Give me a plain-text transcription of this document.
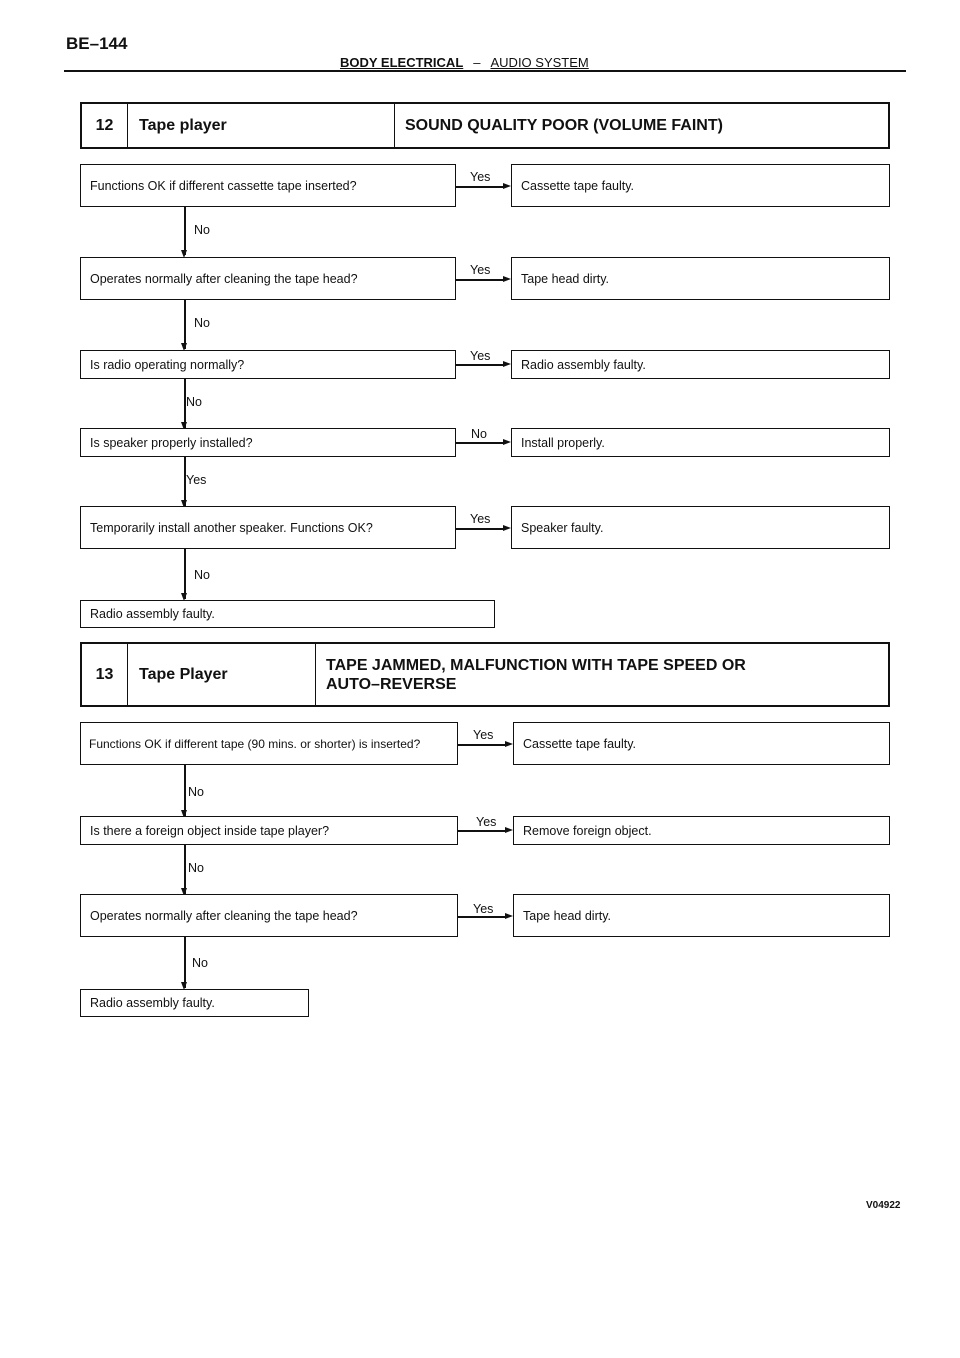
BE–144
BODY ELECTRICAL – AUDIO SYSTEM
12	Tape player	SOUND QUALITY POOR (VOLUME FAINT)
Functions OK if different cassette tape inserted?
Yes
Cassette tape faulty.
No
Operates normally after cleaning the tape head?
Yes
Tape head dirty.
No
Is radio operating normally?
Yes
Radio assembly faulty.
No
Is speaker properly installed?
No
Install properly.
Yes
Temporarily install another speaker. Functions OK?
Yes
Speaker faulty.
No
Radio assembly faulty.
13	Tape Player
TAPE JAMMED, MALFUNCTION WITH TAPE SPEED OR
AUTO–REVERSE
Functions OK if different tape (90 mins. or shorter) is inserted?
Yes
Cassette tape faulty.
No
Is there a foreign object inside tape player?
Yes
Remove foreign object.
No
Operates normally after cleaning the tape head?	Yes	Tape head dirty.
No
Radio assembly faulty.
V04922
